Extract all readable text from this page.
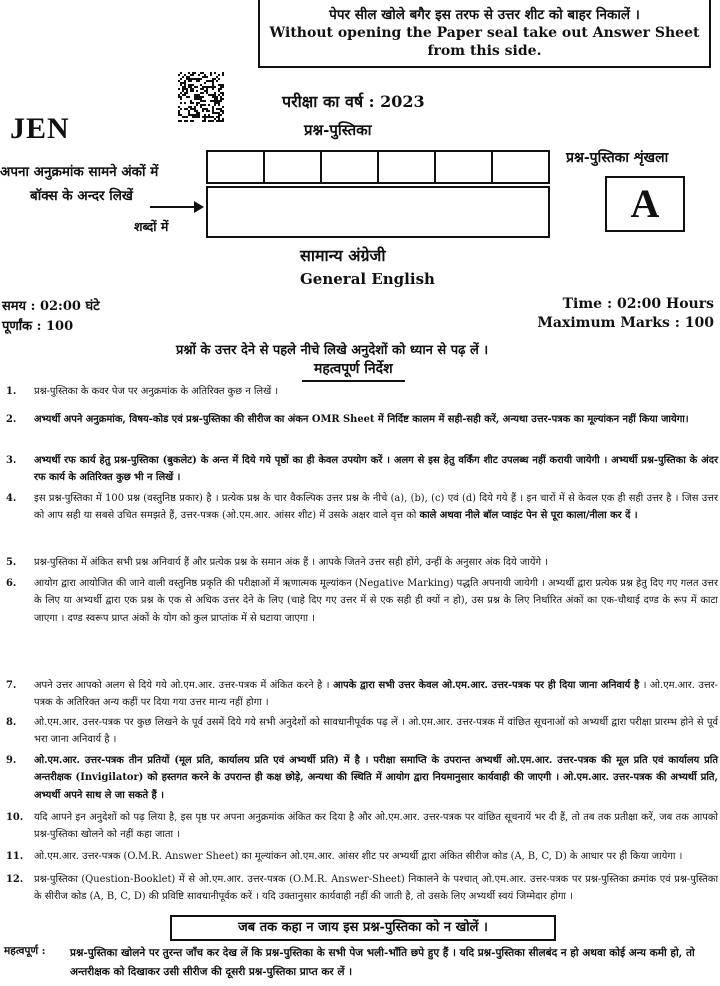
पेपर सील खोले बगैर इस तरफ से उत्तर शीट को बाहर निकालें ।
Without opening the Paper seal take out Answer Sheet
from this side.
JEN
परीक्षा का वर्ष : 2023
प्रश्न-पुस्तिका
प्रश्न-पुस्तिका शृंखला
A
अपना अनुक्रमांक सामने अंकों में
बॉक्स के अन्दर लिखें
शब्दों में
सामान्य अंग्रेजी
General English
समय : 02:00 घंटे
पूर्णांक : 100
Time : 02:00 Hours
Maximum Marks : 100
प्रश्नों के उत्तर देने से पहले नीचे लिखे अनुदेशों को ध्यान से पढ़ लें ।
महत्वपूर्ण निर्देश
1. प्रश्न-पुस्तिका के कवर पेज पर अनुक्रमांक के अतिरिक्त कुछ न लिखें ।
2. अभ्यर्थी अपने अनुक्रमांक, विषय-कोड एवं प्रश्न-पुस्तिका की सीरीज का अंकन OMR Sheet में निर्दिष्ट कालम में सही-सही करें, अन्यथा उत्तर-पत्रक का मूल्यांकन नहीं किया जायेगा।
3. अभ्यर्थी रफ कार्य हेतु प्रश्न-पुस्तिका (बुकलेट) के अन्त में दिये गये पृष्ठों का ही केवल उपयोग करें । अलग से इस हेतु वर्किंग शीट उपलब्ध नहीं करायी जायेगी । अभ्यर्थी प्रश्न-पुस्तिका के अंदर रफ कार्य के अतिरिक्त कुछ भी न लिखें ।
4. इस प्रश्न-पुस्तिका में 100 प्रश्न (वस्तुनिष्ठ प्रकार) है । प्रत्येक प्रश्न के चार वैकल्पिक उत्तर प्रश्न के नीचे (a), (b), (c) एवं (d) दिये गये हैं । इन चारों में से केवल एक ही सही उत्तर है । जिस उत्तर को आप सही या सबसे उचित समझते हैं, उत्तर-पत्रक (ओ.एम.आर. आंसर शीट) में उसके अक्षर वाले वृत्त को काले अथवा नीले बॉल प्वाइंट पेन से पूरा काला/नीला कर दें ।
5. प्रश्न-पुस्तिका में अंकित सभी प्रश्न अनिवार्य हैं और प्रत्येक प्रश्न के समान अंक हैं । आपके जितने उत्तर सही होंगे, उन्हीं के अनुसार अंक दिये जायेंगे ।
6. आयोग द्वारा आयोजित की जाने वाली वस्तुनिष्ठ प्रकृति की परीक्षाओं में ऋणात्मक मूल्यांकन (Negative Marking) पद्धति अपनायी जायेगी । अभ्यर्थी द्वारा प्रत्येक प्रश्न हेतु दिए गए गलत उत्तर के लिए या अभ्यर्थी द्वारा एक प्रश्न के एक से अधिक उत्तर देने के लिए (चाहे दिए गए उत्तर में से एक सही ही क्यों न हो), उस प्रश्न के लिए निर्धारित अंकों का एक-चौथाई दण्ड के रूप में काटा जाएगा । दण्ड स्वरूप प्राप्त अंकों के योग को कुल प्राप्तांक में से घटाया जाएगा ।
7. अपने उत्तर आपको अलग से दिये गये ओ.एम.आर. उत्तर-पत्रक में अंकित करने है । आपके द्वारा सभी उत्तर केवल ओ.एम.आर. उत्तर-पत्रक पर ही दिया जाना अनिवार्य है । ओ.एम.आर. उत्तर-पत्रक के अतिरिक्त अन्य कहीं पर दिया गया उत्तर मान्य नहीं होगा ।
8. ओ.एम.आर. उत्तर-पत्रक पर कुछ लिखने के पूर्व उसमें दिये गये सभी अनुदेशों को सावधानीपूर्वक पढ़ लें । ओ.एम.आर. उत्तर-पत्रक में वांछित सूचनाओं को अभ्यर्थी द्वारा परीक्षा प्रारम्भ होने से पूर्व भरा जाना अनिवार्य है ।
9. ओ.एम.आर. उत्तर-पत्रक तीन प्रतियों (मूल प्रति, कार्यालय प्रति एवं अभ्यर्थी प्रति) में है । परीक्षा समाप्ति के उपरान्त अभ्यर्थी ओ.एम.आर. उत्तर-पत्रक की मूल प्रति एवं कार्यालय प्रति अन्तरीक्षक (Invigilator) को हस्तगत करने के उपरान्त ही कक्ष छोड़े, अन्यथा की स्थिति में आयोग द्वारा नियमानुसार कार्यवाही की जाएगी । ओ.एम.आर. उत्तर-पत्रक की अभ्यर्थी प्रति, अभ्यर्थी अपने साथ ले जा सकते हैं ।
10. यदि आपने इन अनुदेशों को पढ़ लिया है, इस पृष्ठ पर अपना अनुक्रमांक अंकित कर दिया है और ओ.एम.आर. उत्तर-पत्रक पर वांछित सूचनायें भर दी हैं, तो तब तक प्रतीक्षा करें, जब तक आपको प्रश्न-पुस्तिका खोलने को नहीं कहा जाता ।
11. ओ.एम.आर. उत्तर-पत्रक (O.M.R. Answer Sheet) का मूल्यांकन ओ.एम.आर. आंसर शीट पर अभ्यर्थी द्वारा अंकित सीरीज कोड (A, B, C, D) के आधार पर ही किया जायेगा ।
12. प्रश्न-पुस्तिका (Question-Booklet) में से ओ.एम.आर. उत्तर-पत्रक (O.M.R. Answer-Sheet) निकालने के पश्चात् ओ.एम.आर. उत्तर-पत्रक पर प्रश्न-पुस्तिका क्रमांक एवं प्रश्न-पुस्तिका के सीरीज कोड (A, B, C, D) की प्रविष्टि सावधानीपूर्वक करें । यदि उक्तानुसार कार्यवाही नहीं की जाती है, तो उसके लिए अभ्यर्थी स्वयं जिम्मेदार होगा ।
जब तक कहा न जाय इस प्रश्न-पुस्तिका को न खोलें ।
महत्वपूर्ण : प्रश्न-पुस्तिका खोलने पर तुरन्त जाँच कर देख लें कि प्रश्न-पुस्तिका के सभी पेज भली-भाँति छपे हुए हैं । यदि प्रश्न-पुस्तिका सीलबंद न हो अथवा कोई अन्य कमी हो, तो अन्तरीक्षक को दिखाकर उसी सीरीज की दूसरी प्रश्न-पुस्तिका प्राप्त कर लें ।
